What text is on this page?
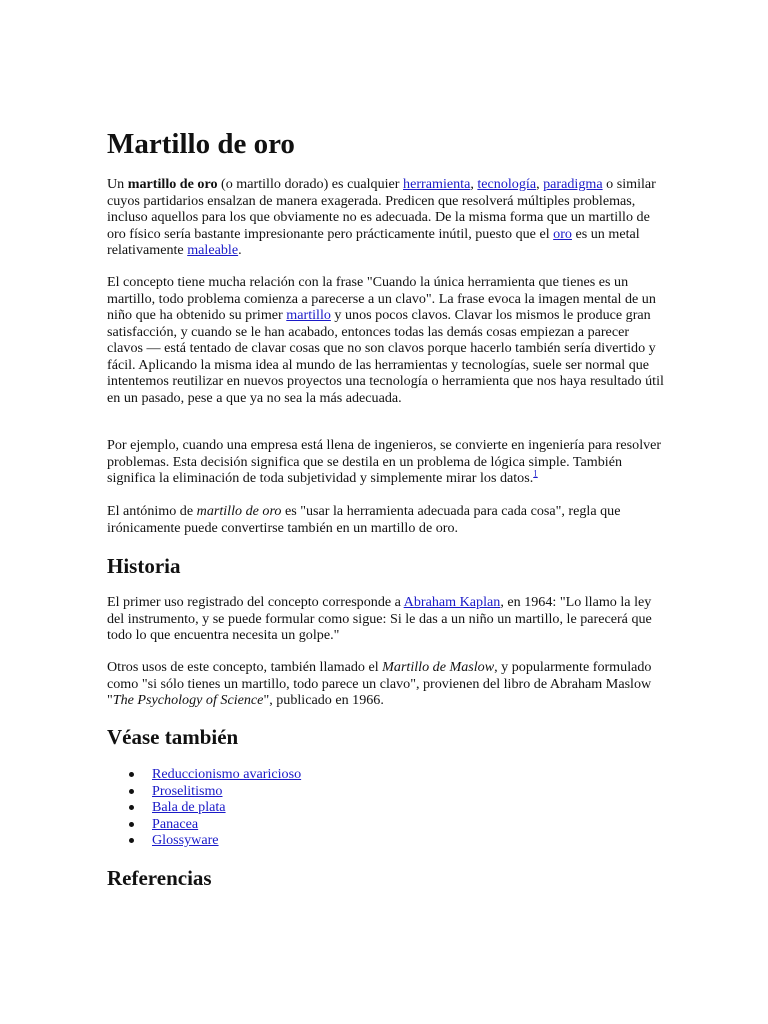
Martillo de oro

Un martillo de oro (o martillo dorado) es cualquier herramienta, tecnología, paradigma o similar cuyos partidarios ensalzan de manera exagerada. Predicen que resolverá múltiples problemas, incluso aquellos para los que obviamente no es adecuada. De la misma forma que un martillo de oro físico sería bastante impresionante pero prácticamente inútil, puesto que el oro es un metal relativamente maleable.

El concepto tiene mucha relación con la frase "Cuando la única herramienta que tienes es un martillo, todo problema comienza a parecerse a un clavo". La frase evoca la imagen mental de un niño que ha obtenido su primer martillo y unos pocos clavos. Clavar los mismos le produce gran satisfacción, y cuando se le han acabado, entonces todas las demás cosas empiezan a parecer clavos — está tentado de clavar cosas que no son clavos porque hacerlo también sería divertido y fácil. Aplicando la misma idea al mundo de las herramientas y tecnologías, suele ser normal que intentemos reutilizar en nuevos proyectos una tecnología o herramienta que nos haya resultado útil en un pasado, pese a que ya no sea la más adecuada.

Por ejemplo, cuando una empresa está llena de ingenieros, se convierte en ingeniería para resolver problemas. Esta decisión significa que se destila en un problema de lógica simple. También significa la eliminación de toda subjetividad y simplemente mirar los datos.$^1$

El antónimo de martillo de oro es "usar la herramienta adecuada para cada cosa", regla que irónicamente puede convertirse también en un martillo de oro.

Historia

El primer uso registrado del concepto corresponde a Abraham Kaplan, en 1964: "Lo llamo la ley del instrumento, y se puede formular como sigue: Si le das a un niño un martillo, le parecerá que todo lo que encuentra necesita un golpe."

Otros usos de este concepto, también llamado el Martillo de Maslow, y popularmente formulado como "si sólo tienes un martillo, todo parece un clavo", provienen del libro de Abraham Maslow "The Psychology of Science", publicado en 1966.

Véase también
Reduccionismo avaricioso
Proselitismo
Bala de plata
Panacea
Glossyware
Referencias
